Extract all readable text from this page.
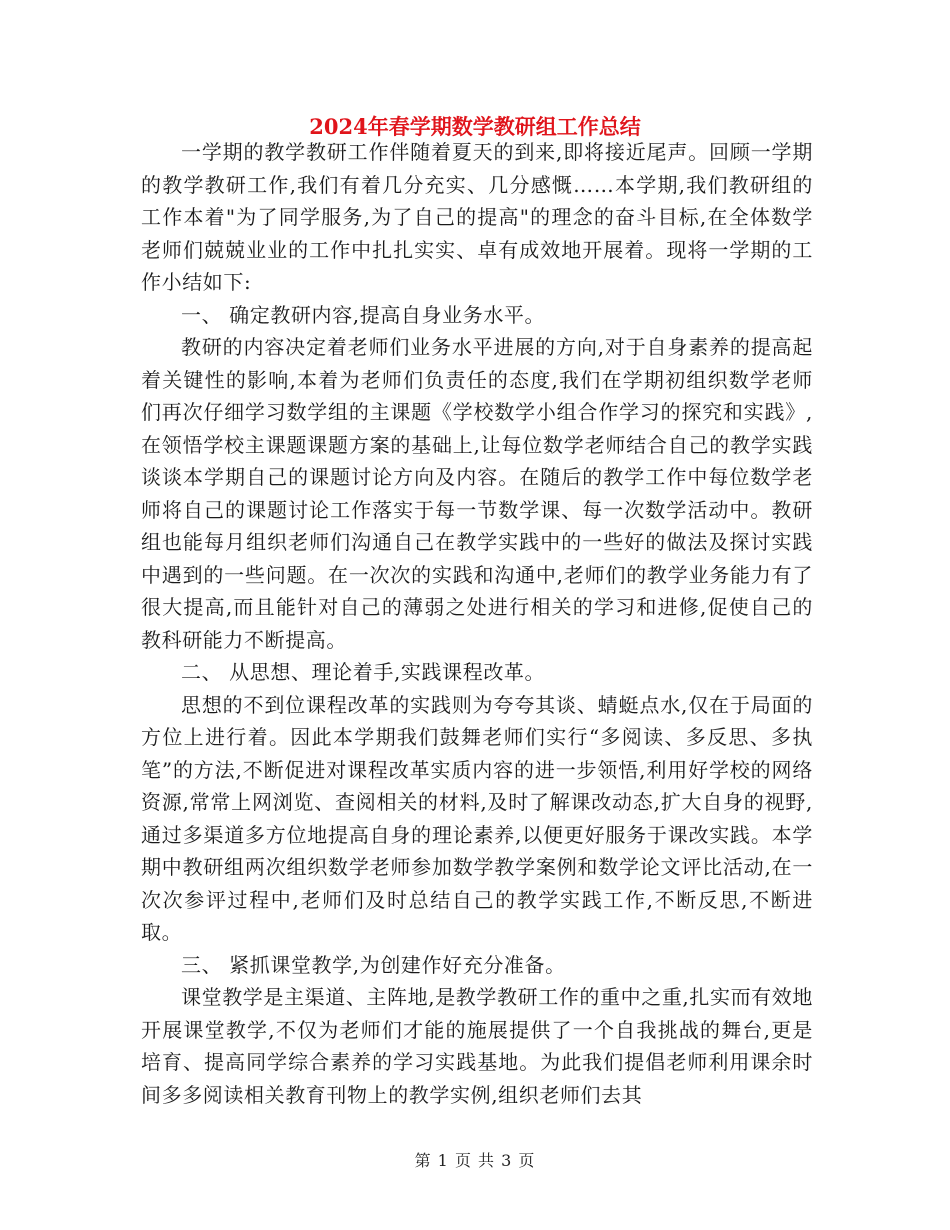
2024年春学期数学教研组工作总结

一学期的教学教研工作伴随着夏天的到来,即将接近尾声。回顾一学期的教学教研工作,我们有着几分充实、几分感慨……本学期,我们教研组的工作本着"为了同学服务,为了自己的提高"的理念的奋斗目标,在全体数学老师们兢兢业业的工作中扎扎实实、卓有成效地开展着。现将一学期的工作小结如下:

一、 确定教研内容,提高自身业务水平。

教研的内容决定着老师们业务水平进展的方向,对于自身素养的提高起着关键性的影响,本着为老师们负责任的态度,我们在学期初组织数学老师们再次仔细学习数学组的主课题《学校数学小组合作学习的探究和实践》,在领悟学校主课题课题方案的基础上,让每位数学老师结合自己的教学实践谈谈本学期自己的课题讨论方向及内容。在随后的教学工作中每位数学老师将自己的课题讨论工作落实于每一节数学课、每一次数学活动中。教研组也能每月组织老师们沟通自己在教学实践中的一些好的做法及探讨实践中遇到的一些问题。在一次次的实践和沟通中,老师们的教学业务能力有了很大提高,而且能针对自己的薄弱之处进行相关的学习和进修,促使自己的教科研能力不断提高。

二、 从思想、理论着手,实践课程改革。

思想的不到位课程改革的实践则为夸夸其谈、蜻蜓点水,仅在于局面的方位上进行着。因此本学期我们鼓舞老师们实行“多阅读、多反思、多执笔”的方法,不断促进对课程改革实质内容的进一步领悟,利用好学校的网络资源,常常上网浏览、查阅相关的材料,及时了解课改动态,扩大自身的视野,通过多渠道多方位地提高自身的理论素养,以便更好服务于课改实践。本学期中教研组两次组织数学老师参加数学教学案例和数学论文评比活动,在一次次参评过程中,老师们及时总结自己的教学实践工作,不断反思,不断进取。

三、 紧抓课堂教学,为创建作好充分准备。

课堂教学是主渠道、主阵地,是教学教研工作的重中之重,扎实而有效地开展课堂教学,不仅为老师们才能的施展提供了一个自我挑战的舞台,更是培育、提高同学综合素养的学习实践基地。为此我们提倡老师利用课余时间多多阅读相关教育刊物上的教学实例,组织老师们去其

第 1 页 共 3 页
